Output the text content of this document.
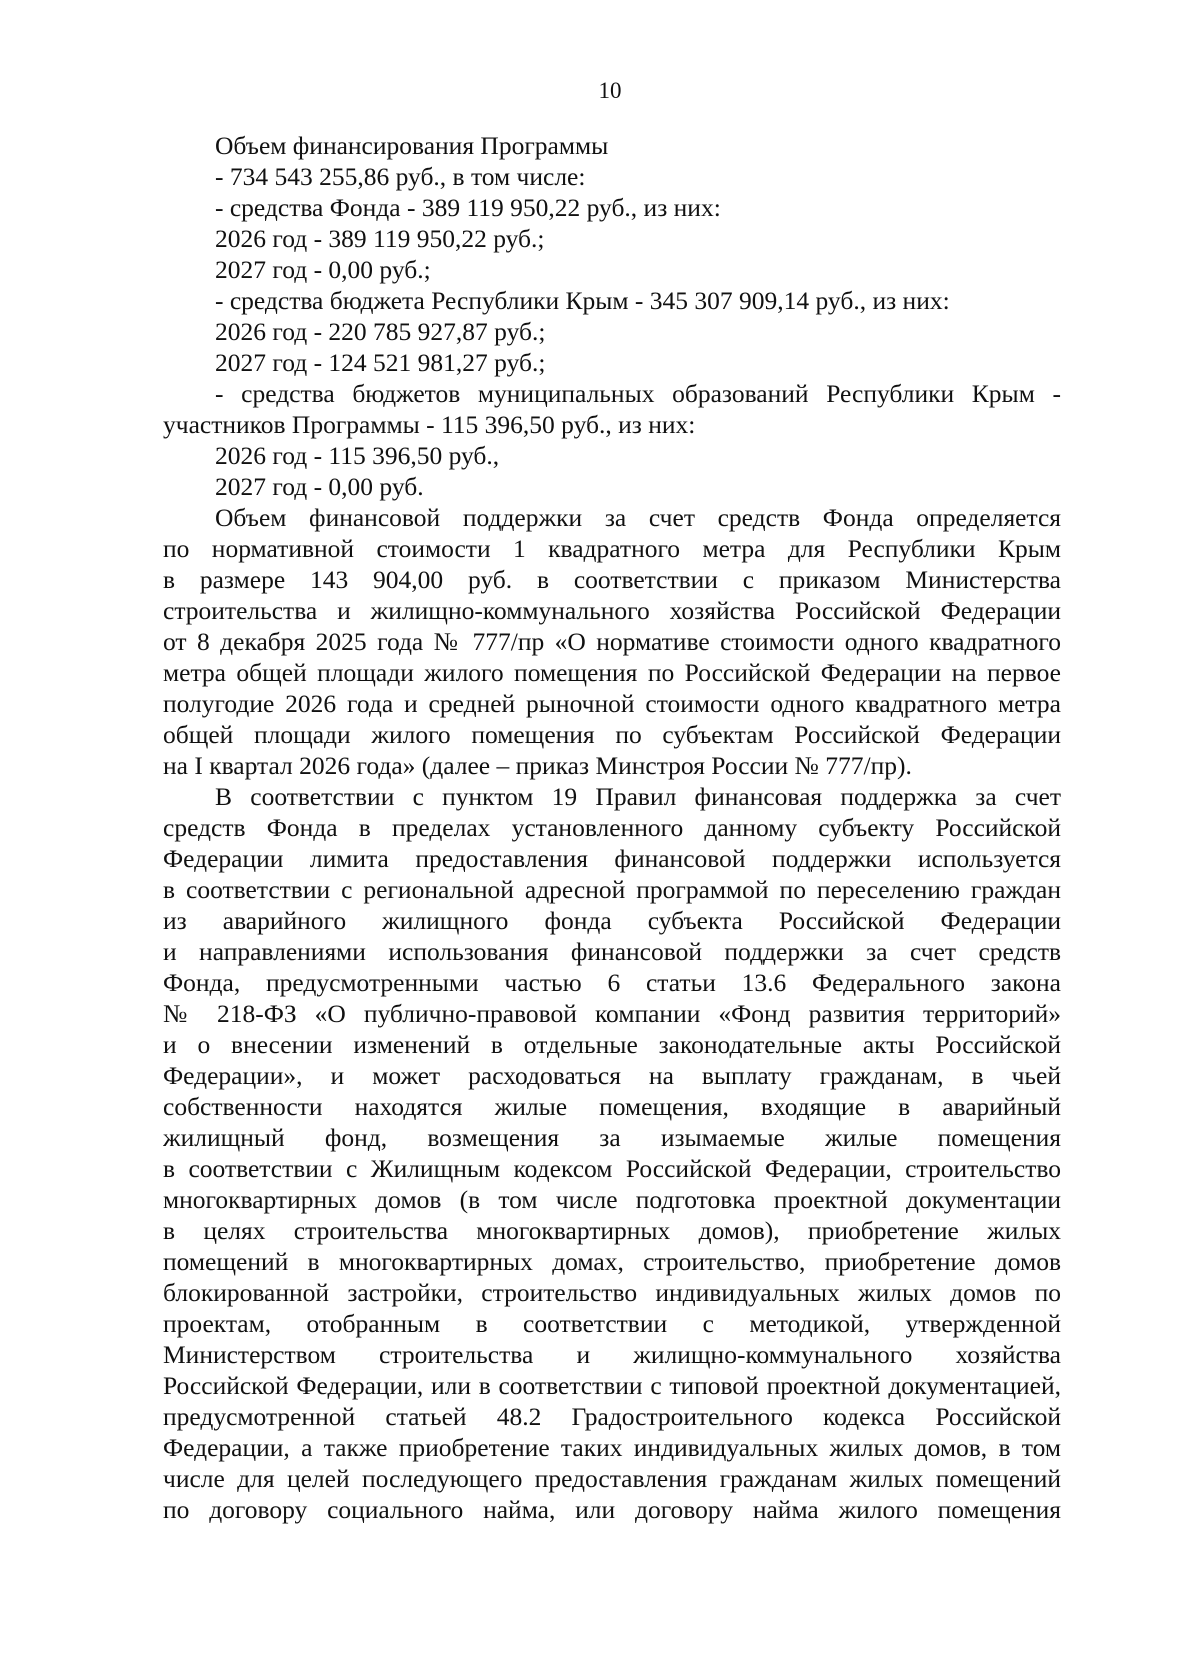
10
Объем финансирования Программы
- 734 543 255,86 руб., в том числе:
- средства Фонда - 389 119 950,22 руб., из них:
2026 год - 389 119 950,22 руб.;
2027 год - 0,00 руб.;
- средства бюджета Республики Крым - 345 307 909,14 руб., из них:
2026 год - 220 785 927,87 руб.;
2027 год - 124 521 981,27 руб.;
- средства бюджетов муниципальных образований Республики Крым -
участников Программы - 115 396,50 руб., из них:
2026 год - 115 396,50 руб.,
2027 год - 0,00 руб.
Объем финансовой поддержки за счет средств Фонда определяется
по нормативной стоимости 1 квадратного метра для Республики Крым
в размере 143 904,00 руб. в соответствии с приказом Министерства
строительства и жилищно-коммунального хозяйства Российской Федерации
от 8 декабря 2025 года № 777/пр «О нормативе стоимости одного квадратного
метра общей площади жилого помещения по Российской Федерации на первое
полугодие 2026 года и средней рыночной стоимости одного квадратного метра
общей площади жилого помещения по субъектам Российской Федерации
на I квартал 2026 года» (далее – приказ Минстроя России № 777/пр).
В соответствии с пунктом 19 Правил финансовая поддержка за счет
средств Фонда в пределах установленного данному субъекту Российской
Федерации лимита предоставления финансовой поддержки используется
в соответствии с региональной адресной программой по переселению граждан
из аварийного жилищного фонда субъекта Российской Федерации
и направлениями использования финансовой поддержки за счет средств
Фонда, предусмотренными частью 6 статьи 13.6 Федерального закона
№ 218-ФЗ «О публично-правовой компании «Фонд развития территорий»
и о внесении изменений в отдельные законодательные акты Российской
Федерации», и может расходоваться на выплату гражданам, в чьей
собственности находятся жилые помещения, входящие в аварийный
жилищный фонд, возмещения за изымаемые жилые помещения
в соответствии с Жилищным кодексом Российской Федерации, строительство
многоквартирных домов (в том числе подготовка проектной документации
в целях строительства многоквартирных домов), приобретение жилых
помещений в многоквартирных домах, строительство, приобретение домов
блокированной застройки, строительство индивидуальных жилых домов по
проектам, отобранным в соответствии с методикой, утвержденной
Министерством строительства и жилищно-коммунального хозяйства
Российской Федерации, или в соответствии с типовой проектной документацией,
предусмотренной статьей 48.2 Градостроительного кодекса Российской
Федерации, а также приобретение таких индивидуальных жилых домов, в том
числе для целей последующего предоставления гражданам жилых помещений
по договору социального найма, или договору найма жилого помещения
